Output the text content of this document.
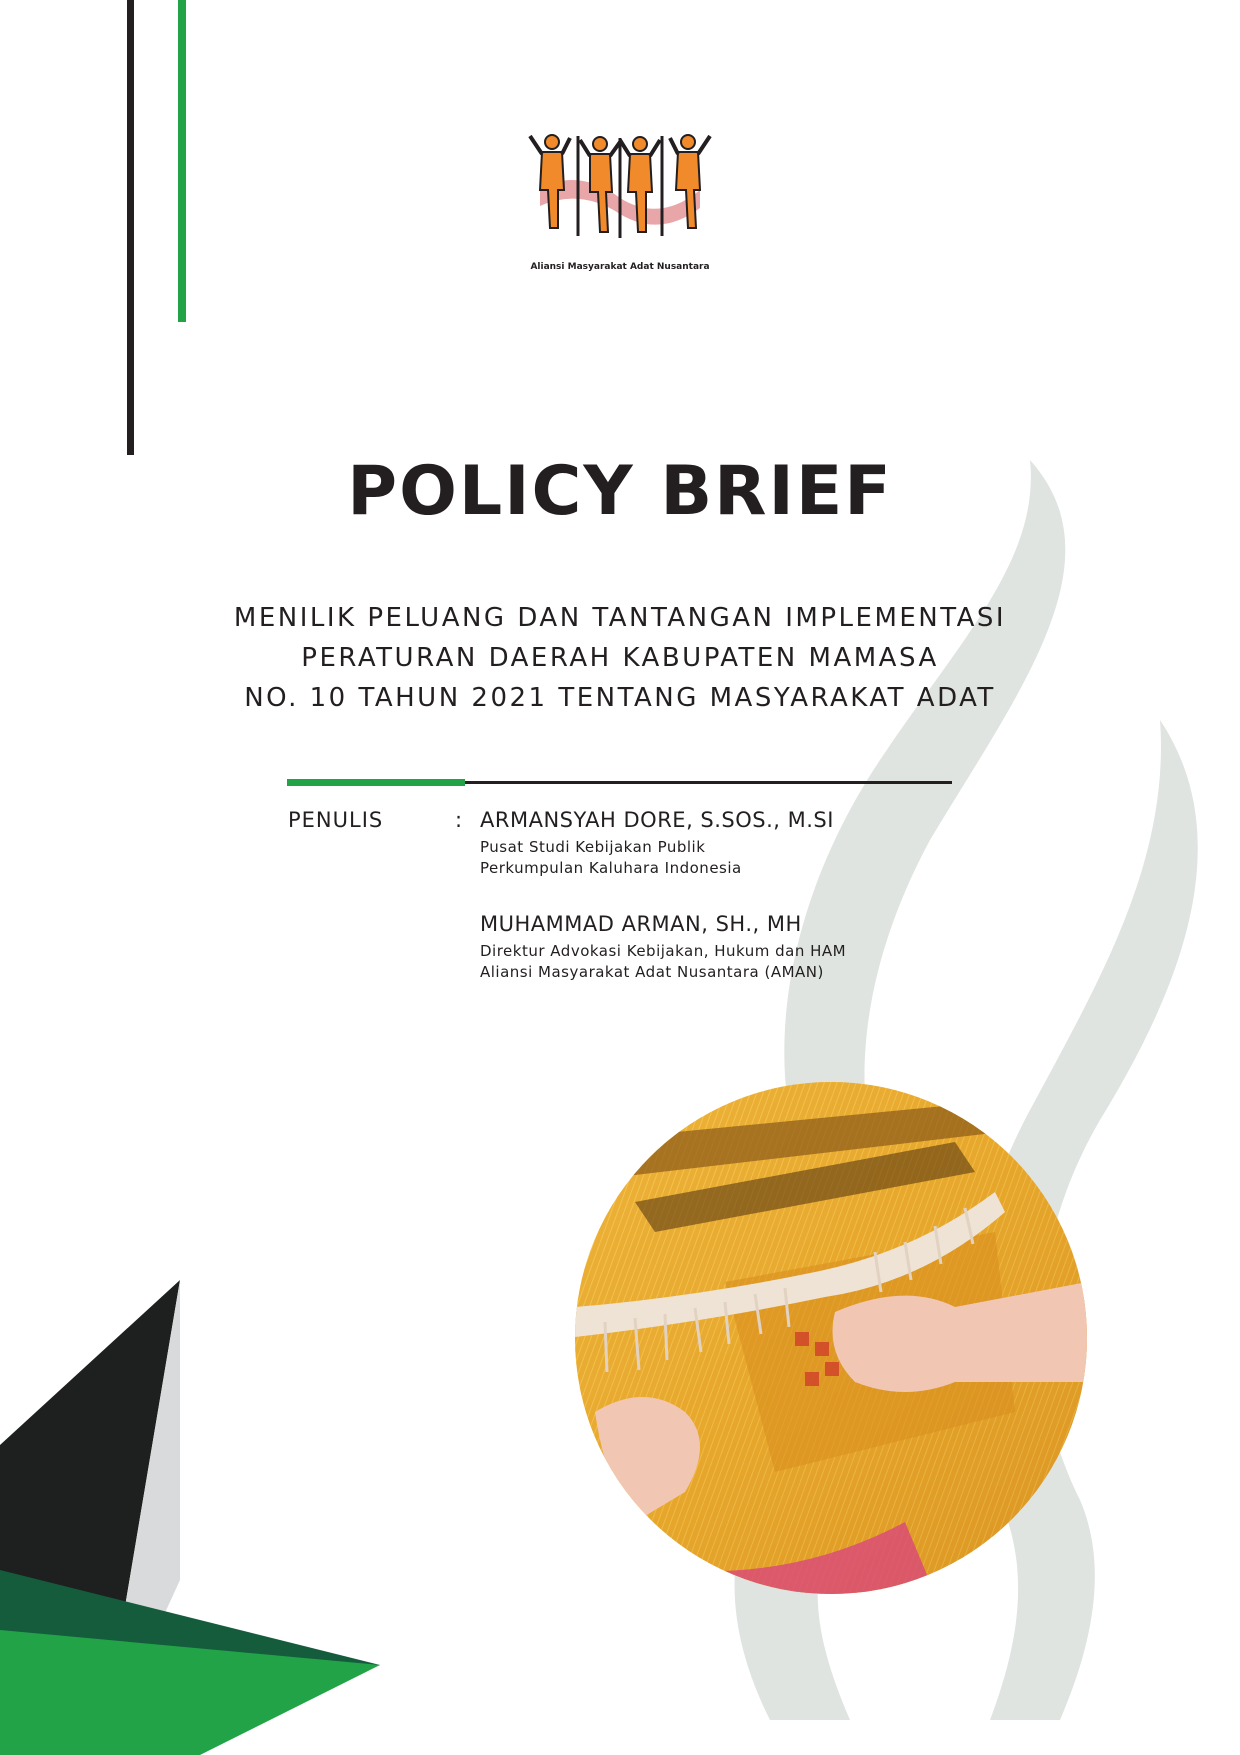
Aliansi Masyarakat Adat Nusantara
POLICY BRIEF
MENILIK PELUANG DAN TANTANGAN IMPLEMENTASI
PERATURAN DAERAH KABUPATEN MAMASA
NO. 10 TAHUN 2021 TENTANG MASYARAKAT ADAT
PENULIS	: ARMANSYAH DORE, S.SOS., M.SI
Pusat Studi Kebijakan Publik
Perkumpulan Kaluhara Indonesia
MUHAMMAD ARMAN, SH., MH
Direktur Advokasi Kebijakan, Hukum dan HAM
Aliansi Masyarakat Adat Nusantara (AMAN)
